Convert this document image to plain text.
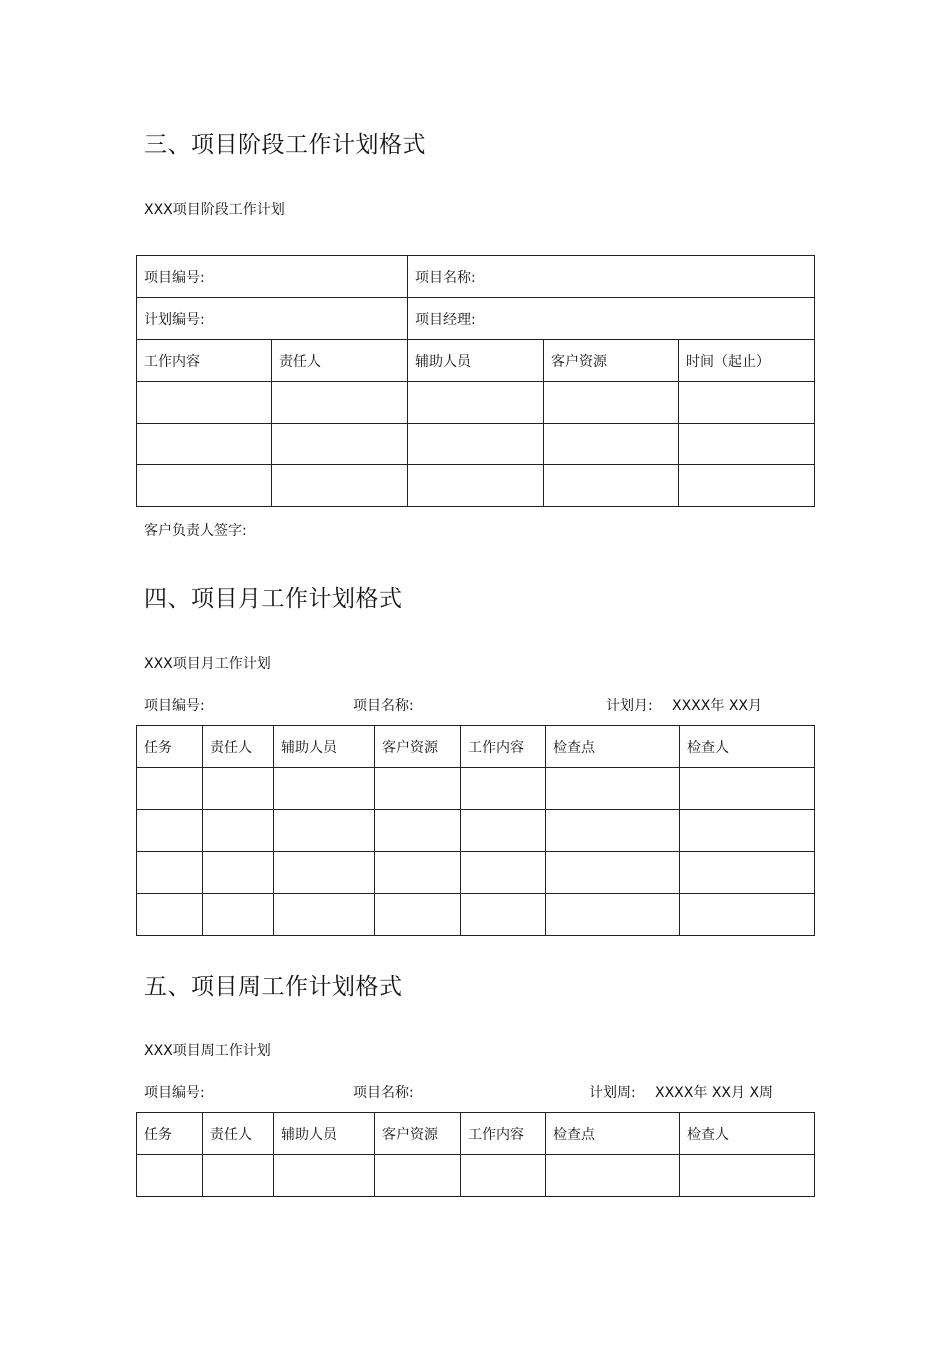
三、项目阶段工作计划格式
XXX项目阶段工作计划
项目编号:		项目名称:		
计划编号:		项目经理:		
工作内容	责任人	辅助人员	客户资源	时间（起止）

客户负责人签字:
四、项目月工作计划格式
XXX项目月工作计划
项目编号:	项目名称:	计划月: XXXX年 XX月
任务	责任人	辅助人员	客户资源	工作内容	检查点	检查人

五、项目周工作计划格式
XXX项目周工作计划
项目编号:	项目名称:	计划周: XXXX年 XX月 X周
任务	责任人	辅助人员	客户资源	工作内容	检查点	检查人
